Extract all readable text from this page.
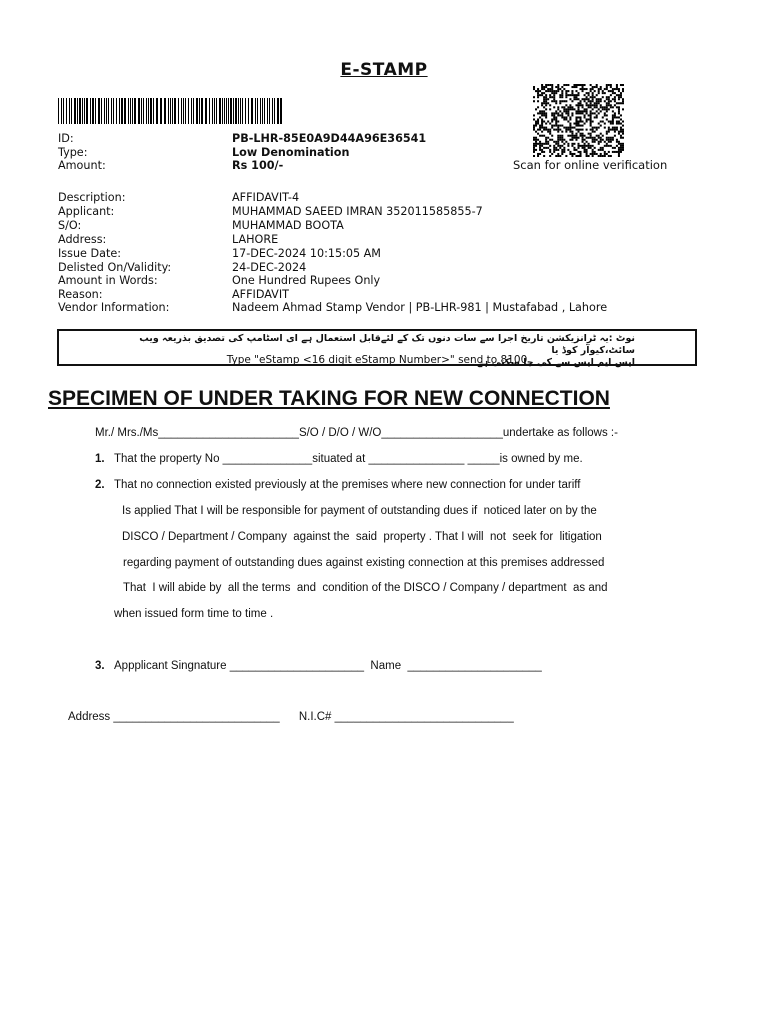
E-STAMP
Scan for online verification
ID:	PB-LHR-85E0A9D44A96E36541
Type:	Low Denomination
Amount:	Rs 100/-
Description:	AFFIDAVIT-4
Applicant:	MUHAMMAD SAEED IMRAN 352011585855-7
S/O:	MUHAMMAD BOOTA
Address:	LAHORE
Issue Date:	17-DEC-2024 10:15:05 AM
Delisted On/Validity:	24-DEC-2024
Amount in Words:	One Hundred Rupees Only
Reason:	AFFIDAVIT
Vendor Information:	Nadeem Ahmad Stamp Vendor | PB-LHR-981 | Mustafabad , Lahore
نوٹ :یہ ٹرانزیکشن تاریخ اجرا سے سات دنوں تک کے لئےقابل استعمال ہے ای اسٹامپ کی تصدیق بذریعہ ویب سائٹ،کیوآر کوڈ یا
ایس ایم ایس سے کی جا سکتی ہے۔
Type "eStamp <16 digit eStamp Number>" send to 8100
SPECIMEN OF UNDER TAKING FOR NEW CONNECTION
Mr./ Mrs./Ms______________________S/O / D/O / W/O___________________undertake as follows :-
1. That the property No ______________situated at _______________ _____is owned by me.
2. That no connection existed previously at the premises where new connection for under tariff
Is applied That I will be responsible for payment of outstanding dues if  noticed later on by the
DISCO / Department / Company  against the  said  property . That I will  not  seek for  litigation
regarding payment of outstanding dues against existing connection at this premises addressed
That  I will abide by  all the terms  and  condition of the DISCO / Company / department  as and
when issued form time to time .
3. Appplicant Singnature _____________________  Name  _____________________
Address __________________________      N.I.C# ____________________________
